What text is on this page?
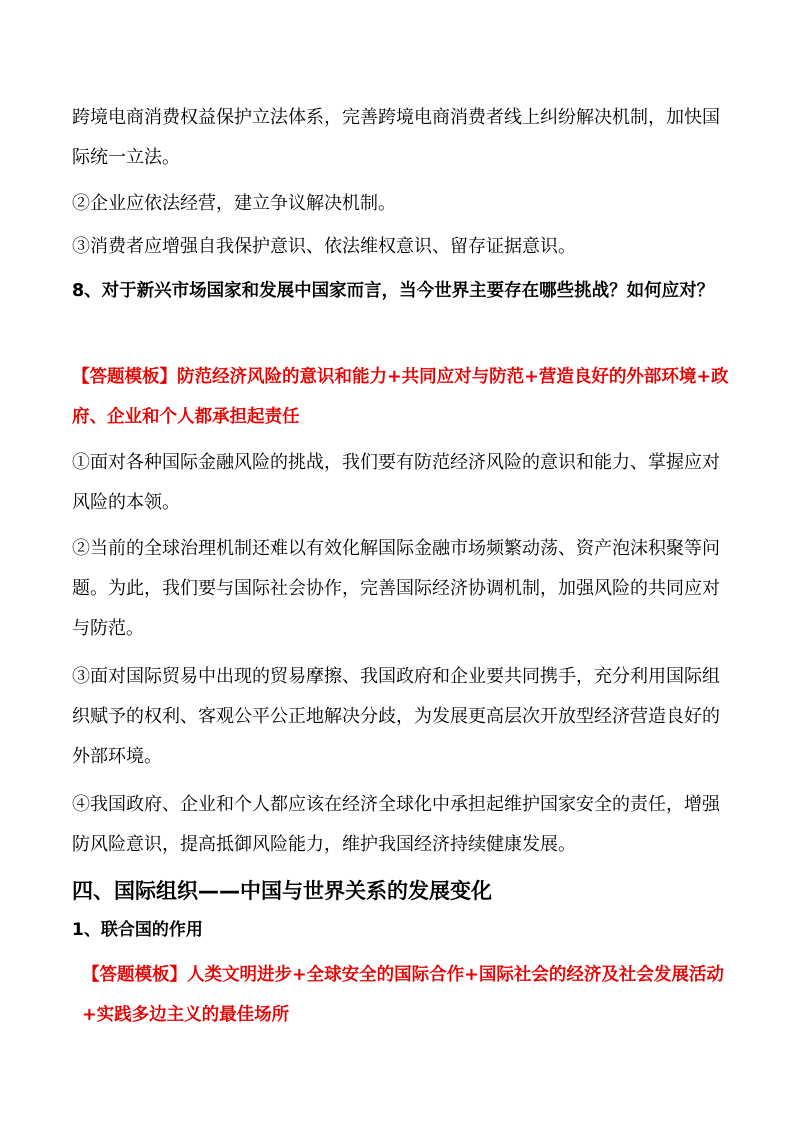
跨境电商消费权益保护立法体系，完善跨境电商消费者线上纠纷解决机制，加快国际统一立法。
②企业应依法经营，建立争议解决机制。
③消费者应增强自我保护意识、依法维权意识、留存证据意识。
8、对于新兴市场国家和发展中国家而言，当今世界主要存在哪些挑战？如何应对？
【答题模板】防范经济风险的意识和能力+共同应对与防范+营造良好的外部环境+政府、企业和个人都承担起责任
①面对各种国际金融风险的挑战，我们要有防范经济风险的意识和能力、掌握应对风险的本领。
②当前的全球治理机制还难以有效化解国际金融市场频繁动荡、资产泡沫积聚等问题。为此，我们要与国际社会协作，完善国际经济协调机制，加强风险的共同应对与防范。
③面对国际贸易中出现的贸易摩擦、我国政府和企业要共同携手，充分利用国际组织赋予的权利、客观公平公正地解决分歧，为发展更高层次开放型经济营造良好的外部环境。
④我国政府、企业和个人都应该在经济全球化中承担起维护国家安全的责任，增强防风险意识，提高抵御风险能力，维护我国经济持续健康发展。
四、国际组织——中国与世界关系的发展变化
1、联合国的作用
【答题模板】人类文明进步+全球安全的国际合作+国际社会的经济及社会发展活动+实践多边主义的最佳场所
